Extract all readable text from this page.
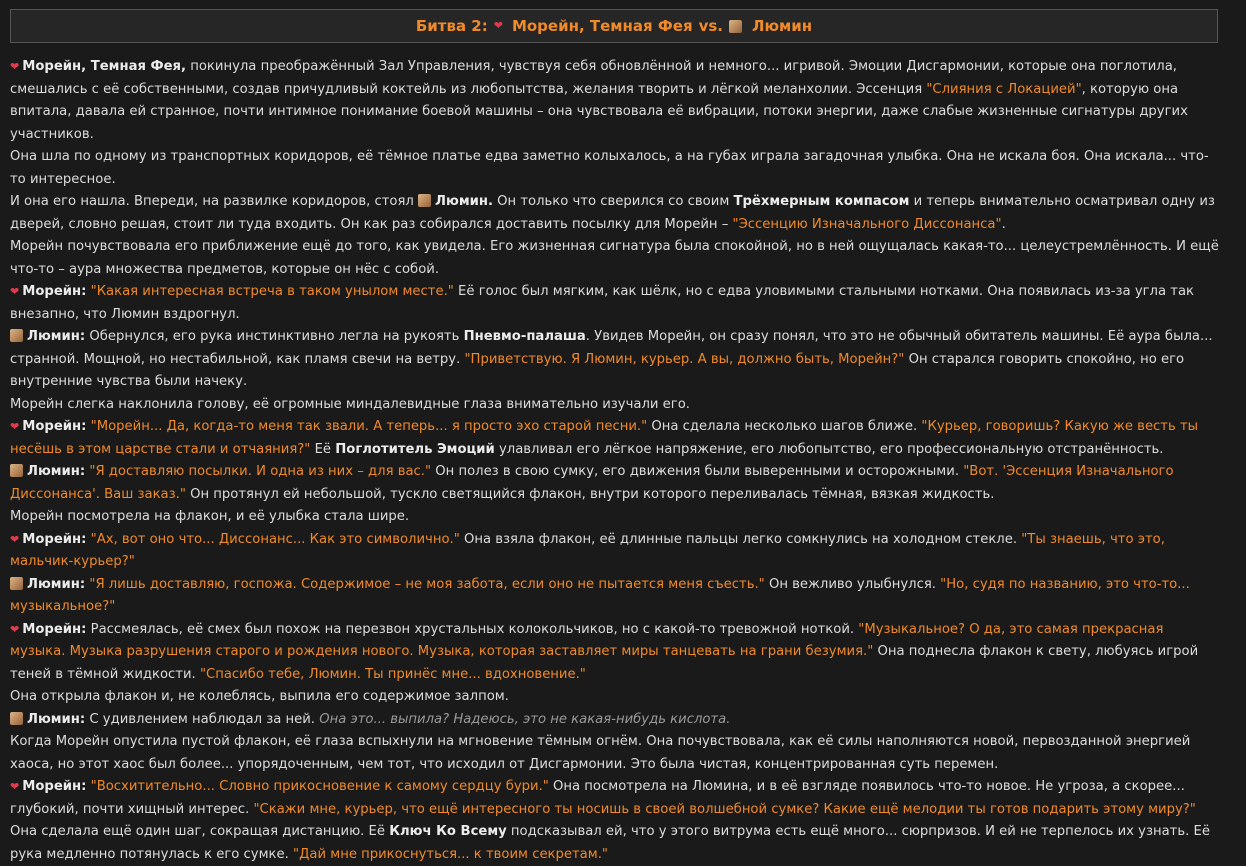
Битва 2: ❤ Морейн, Темная Фея vs. Люмин
❤ Морейн, Темная Фея, покинула преображённый Зал Управления, чувствуя себя обновлённой и немного... игривой. Эмоции Дисгармонии, которые она поглотила, смешались с её собственными, создав причудливый коктейль из любопытства, желания творить и лёгкой меланхолии. Эссенция "Слияния с Локацией", которую она впитала, давала ей странное, почти интимное понимание боевой машины – она чувствовала её вибрации, потоки энергии, даже слабые жизненные сигнатуры других участников.
Она шла по одному из транспортных коридоров, её тёмное платье едва заметно колыхалось, а на губах играла загадочная улыбка. Она не искала боя. Она искала... что-то интересное.
И она его нашла. Впереди, на развилке коридоров, стоял Люмин. Он только что сверился со своим Трёхмерным компасом и теперь внимательно осматривал одну из дверей, словно решая, стоит ли туда входить. Он как раз собирался доставить посылку для Морейн – "Эссенцию Изначального Диссонанса".
Морейн почувствовала его приближение ещё до того, как увидела. Его жизненная сигнатура была спокойной, но в ней ощущалась какая-то... целеустремлённость. И ещё что-то – аура множества предметов, которые он нёс с собой.
❤ Морейн: "Какая интересная встреча в таком унылом месте." Её голос был мягким, как шёлк, но с едва уловимыми стальными нотками. Она появилась из-за угла так внезапно, что Люмин вздрогнул.
Люмин: Обернулся, его рука инстинктивно легла на рукоять Пневмо-палаша. Увидев Морейн, он сразу понял, что это не обычный обитатель машины. Её аура была... странной. Мощной, но нестабильной, как пламя свечи на ветру. "Приветствую. Я Люмин, курьер. А вы, должно быть, Морейн?" Он старался говорить спокойно, но его внутренние чувства были начеку.
Морейн слегка наклонила голову, её огромные миндалевидные глаза внимательно изучали его.
❤ Морейн: "Морейн... Да, когда-то меня так звали. А теперь... я просто эхо старой песни." Она сделала несколько шагов ближе. "Курьер, говоришь? Какую же весть ты несёшь в этом царстве стали и отчаяния?" Её Поглотитель Эмоций улавливал его лёгкое напряжение, его любопытство, его профессиональную отстранённость.
Люмин: "Я доставляю посылки. И одна из них – для вас." Он полез в свою сумку, его движения были выверенными и осторожными. "Вот. 'Эссенция Изначального Диссонанса'. Ваш заказ." Он протянул ей небольшой, тускло светящийся флакон, внутри которого переливалась тёмная, вязкая жидкость.
Морейн посмотрела на флакон, и её улыбка стала шире.
❤ Морейн: "Ах, вот оно что... Диссонанс... Как это символично." Она взяла флакон, её длинные пальцы легко сомкнулись на холодном стекле. "Ты знаешь, что это, мальчик-курьер?"
Люмин: "Я лишь доставляю, госпожа. Содержимое – не моя забота, если оно не пытается меня съесть." Он вежливо улыбнулся. "Но, судя по названию, это что-то... музыкальное?"
❤ Морейн: Рассмеялась, её смех был похож на перезвон хрустальных колокольчиков, но с какой-то тревожной ноткой. "Музыкальное? О да, это самая прекрасная музыка. Музыка разрушения старого и рождения нового. Музыка, которая заставляет миры танцевать на грани безумия." Она поднесла флакон к свету, любуясь игрой теней в тёмной жидкости. "Спасибо тебе, Люмин. Ты принёс мне... вдохновение."
Она открыла флакон и, не колеблясь, выпила его содержимое залпом.
Люмин: С удивлением наблюдал за ней. Она это... выпила? Надеюсь, это не какая-нибудь кислота.
Когда Морейн опустила пустой флакон, её глаза вспыхнули на мгновение тёмным огнём. Она почувствовала, как её силы наполняются новой, первозданной энергией хаоса, но этот хаос был более... упорядоченным, чем тот, что исходил от Дисгармонии. Это была чистая, концентрированная суть перемен.
❤ Морейн: "Восхитительно... Словно прикосновение к самому сердцу бури." Она посмотрела на Люмина, и в её взгляде появилось что-то новое. Не угроза, а скорее... глубокий, почти хищный интерес. "Скажи мне, курьер, что ещё интересного ты носишь в своей волшебной сумке? Какие ещё мелодии ты готов подарить этому миру?" Она сделала ещё один шаг, сокращая дистанцию. Её Ключ Ко Всему подсказывал ей, что у этого витрума есть ещё много... сюрпризов. И ей не терпелось их узнать. Её рука медленно потянулась к его сумке. "Дай мне прикоснуться... к твоим секретам."
